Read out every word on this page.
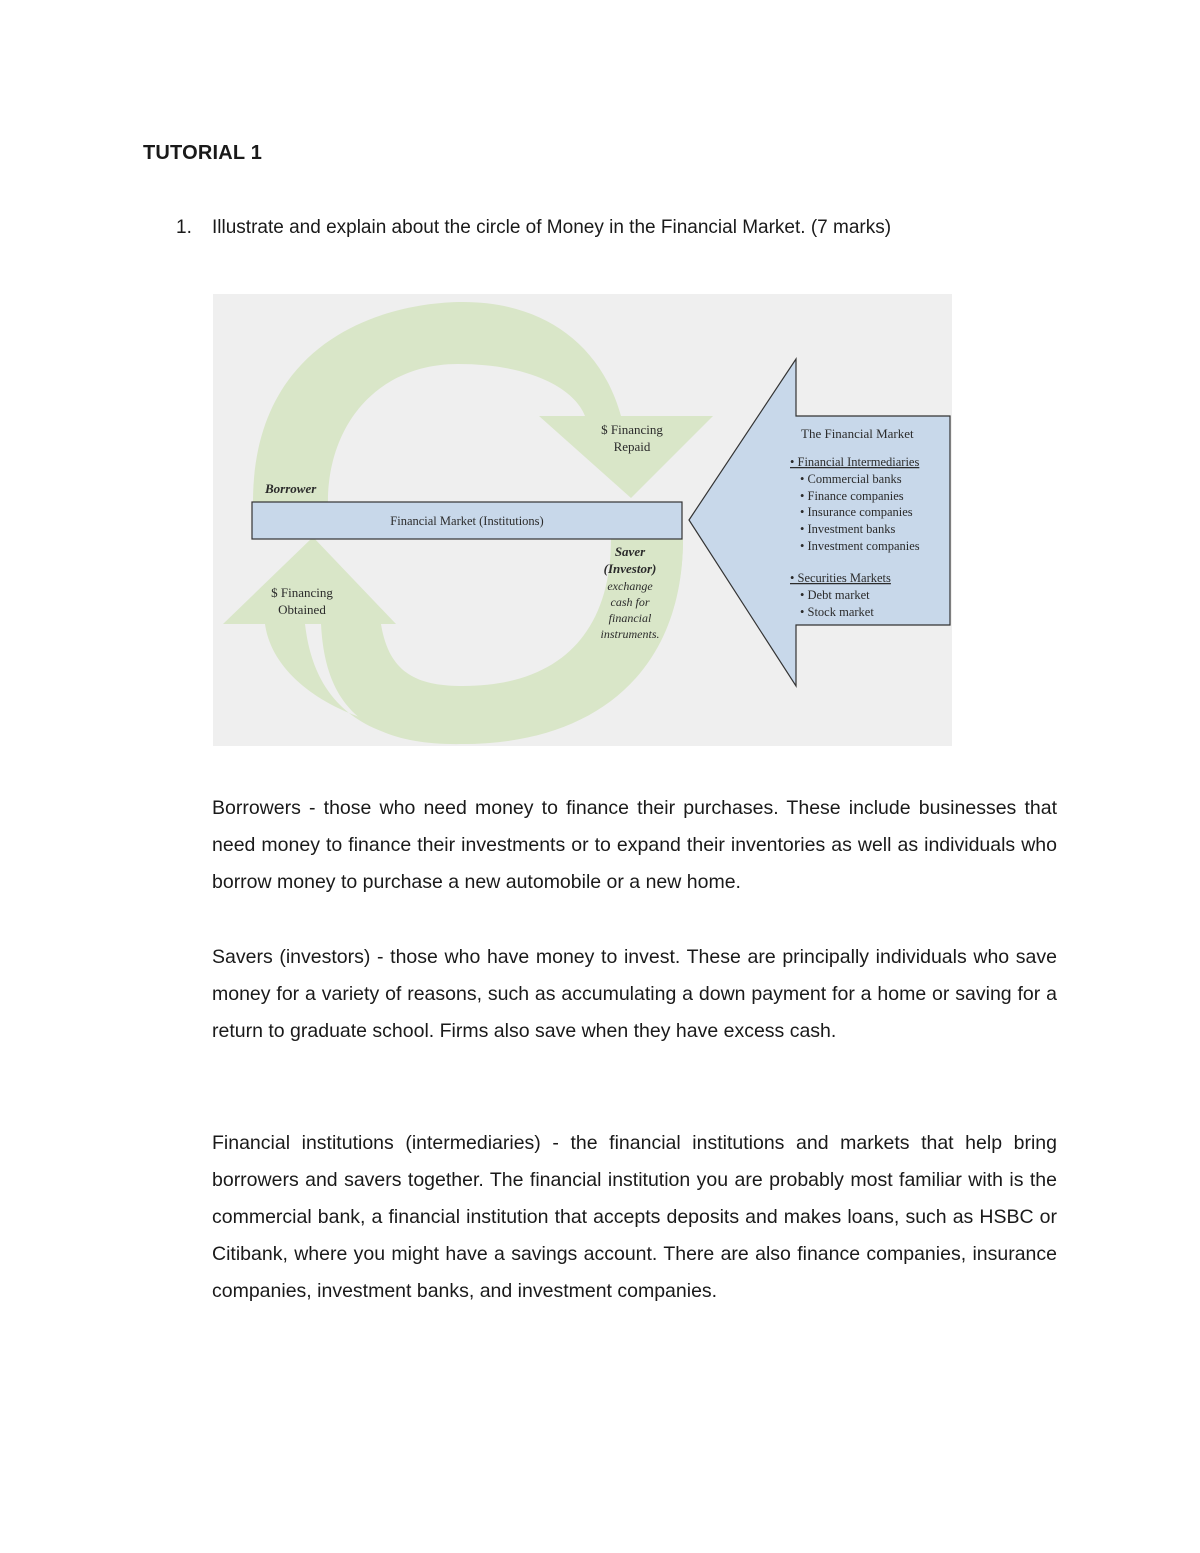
TUTORIAL 1
1. Illustrate and explain about the circle of Money in the Financial Market. (7 marks)
Borrower
Financial Market (Institutions)
$ Financing
Repaid
$ Financing
Obtained
Saver
(Investor)
exchange
cash for
financial
instruments.
The Financial Market
• Financial Intermediaries
• Commercial banks
• Finance companies
• Insurance companies
• Investment banks
• Investment companies
• Securities Markets
• Debt market
• Stock market

Borrowers - those who need money to finance their purchases. These include businesses that need money to finance their investments or to expand their inventories as well as individuals who borrow money to purchase a new automobile or a new home.

Savers (investors) - those who have money to invest. These are principally individuals who save money for a variety of reasons, such as accumulating a down payment for a home or saving for a return to graduate school. Firms also save when they have excess cash.

Financial institutions (intermediaries) - the financial institutions and markets that help bring borrowers and savers together. The financial institution you are probably most familiar with is the commercial bank, a financial institution that accepts deposits and makes loans, such as HSBC or Citibank, where you might have a savings account. There are also finance companies, insurance companies, investment banks, and investment companies.
